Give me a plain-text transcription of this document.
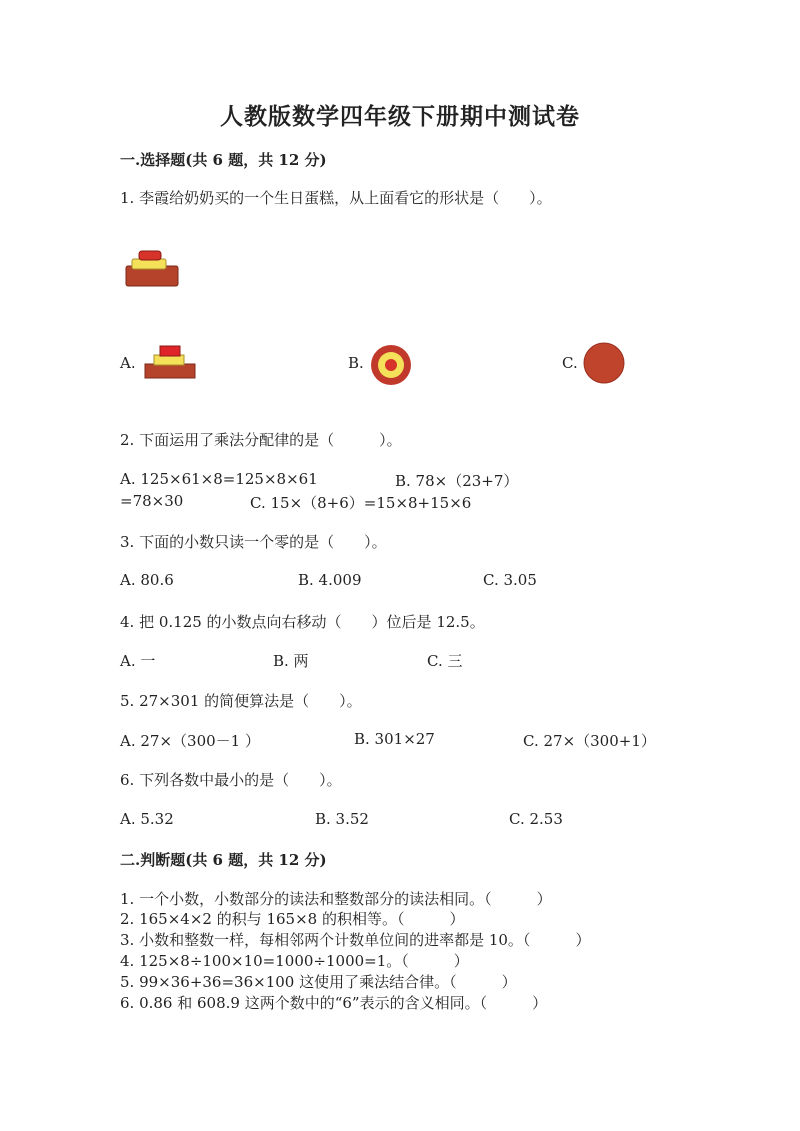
人教版数学四年级下册期中测试卷
一.选择题(共 6 题，共 12 分)
1. 李霞给奶奶买的一个生日蛋糕，从上面看它的形状是（　　）。
A.	B.	C.
2. 下面运用了乘法分配律的是（　　　）。
A. 125×61×8=125×8×61	B. 78×（23+7）
=78×30	C. 15×（8+6）=15×8+15×6
3. 下面的小数只读一个零的是（　　）。
A. 80.6	B. 4.009	C. 3.05
4. 把 0.125 的小数点向右移动（　　）位后是 12.5。
A. 一	B. 两	C. 三
5. 27×301 的简便算法是（　　）。
A. 27×（300－1 ）	B. 301×27	C. 27×（300+1）
6. 下列各数中最小的是（　　）。
A. 5.32	B. 3.52	C. 2.53
二.判断题(共 6 题，共 12 分)
1. 一个小数，小数部分的读法和整数部分的读法相同。（　　　）
2. 165×4×2 的积与 165×8 的积相等。（　　　）
3. 小数和整数一样，每相邻两个计数单位间的进率都是 10。（　　　）
4. 125×8÷100×10=1000÷1000=1。（　　　）
5. 99×36+36=36×100 这使用了乘法结合律。（　　　）
6. 0.86 和 608.9 这两个数中的“6”表示的含义相同。（　　　）
